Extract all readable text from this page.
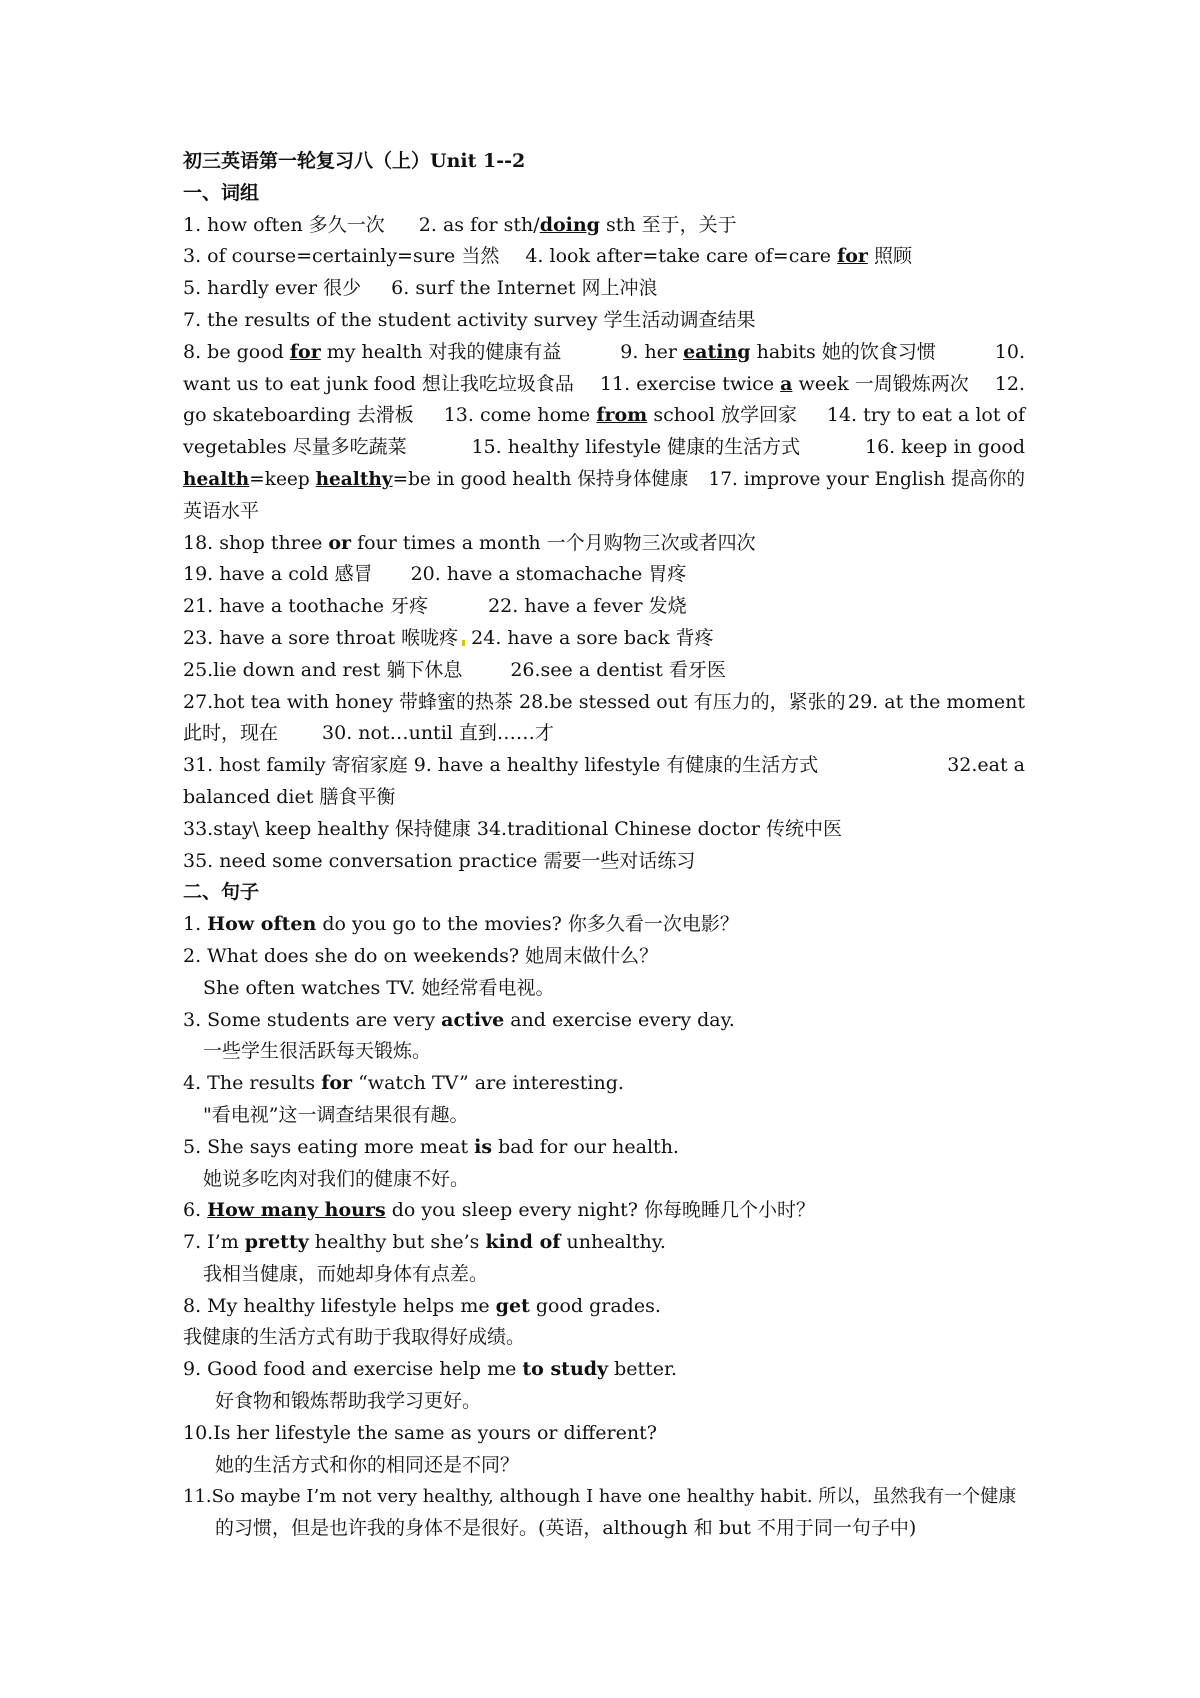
初三英语第一轮复习八（上）Unit 1--2
一、词组
1. how often 多久一次 2. as for sth/doing sth 至于，关于
3. of course=certainly=sure 当然 4. look after=take care of=care for 照顾
5. hardly ever 很少 6. surf the Internet 网上冲浪
7. the results of the student activity survey 学生活动调查结果
8. be good for my health 对我的健康有益	9. her eating habits 她的饮食习惯	10.
want us to eat junk food 想让我吃垃圾食品 11. exercise twice a week 一周锻炼两次 12.
go skateboarding 去滑板 13. come home from school 放学回家 14. try to eat a lot of
vegetables 尽量多吃蔬菜	15. healthy lifestyle 健康的生活方式	16. keep in good
health=keep healthy=be in good health 保持身体健康 17. improve your English 提高你的
英语水平
18. shop three or four times a month 一个月购物三次或者四次
19. have a cold 感冒 20. have a stomachache 胃疼
21. have a toothache 牙疼	22. have a fever 发烧
23. have a sore throat 喉咙疼 24. have a sore back 背疼
25.lie down and rest 躺下休息	26.see a dentist 看牙医
27.hot tea with honey 带蜂蜜的热茶 28.be stessed out 有压力的，紧张的 29. at the moment
此时，现在 30. not…until 直到……才
31. host family 寄宿家庭 9. have a healthy lifestyle 有健康的生活方式	32.eat a
balanced diet 膳食平衡
33.stay\ keep healthy 保持健康 34.traditional Chinese doctor 传统中医
35. need some conversation practice 需要一些对话练习
二、句子
1. How often do you go to the movies? 你多久看一次电影？
2. What does she do on weekends? 她周末做什么？
She often watches TV. 她经常看电视。
3. Some students are very active and exercise every day.
一些学生很活跃每天锻炼。
4. The results for “watch TV” are interesting.
"看电视”这一调查结果很有趣。
5. She says eating more meat is bad for our health.
她说多吃肉对我们的健康不好。
6. How many hours do you sleep every night? 你每晚睡几个小时？
7. I’m pretty healthy but she’s kind of unhealthy.
我相当健康，而她却身体有点差。
8. My healthy lifestyle helps me get good grades.
我健康的生活方式有助于我取得好成绩。
9. Good food and exercise help me to study better.
好食物和锻炼帮助我学习更好。
10.Is her lifestyle the same as yours or different?
她的生活方式和你的相同还是不同？
11.So maybe I’m not very healthy, although I have one healthy habit. 所以，虽然我有一个健康
的习惯，但是也许我的身体不是很好。(英语，although 和 but 不用于同一句子中)
